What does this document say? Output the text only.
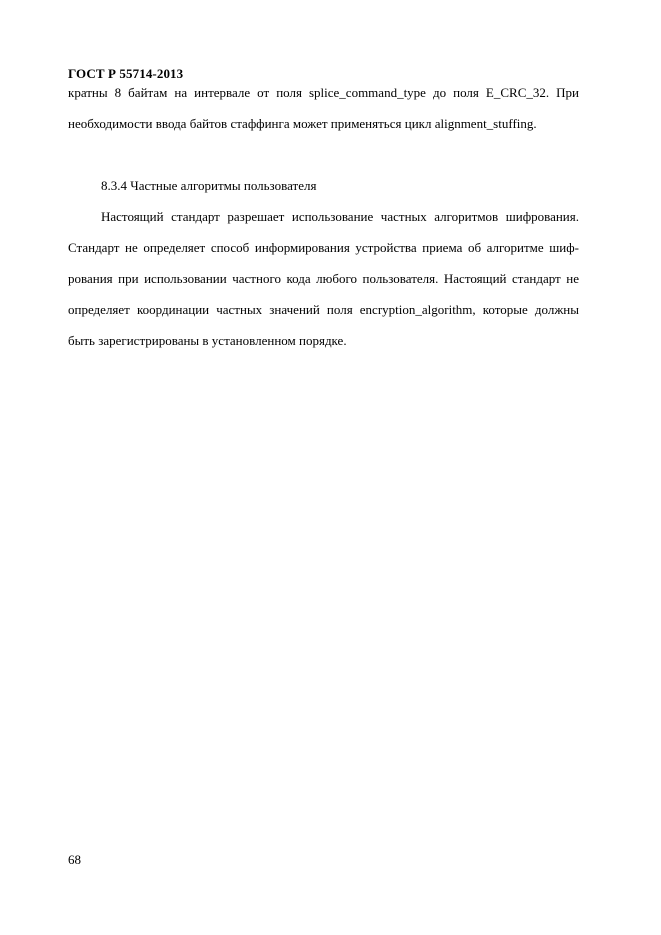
ГОСТ Р 55714-2013
кратны 8 байтам на интервале от поля splice_command_type до поля E_CRC_32. При
необходимости ввода байтов стаффинга может применяться цикл alignment_stuffing.
8.3.4 Частные алгоритмы пользователя
Настоящий стандарт разрешает использование частных алгоритмов шифрования.
Стандарт не определяет способ информирования устройства приема об алгоритме шиф-
рования при использовании частного кода любого пользователя. Настоящий стандарт не
определяет координации частных значений поля encryption_algorithm, которые должны
быть зарегистрированы в установленном порядке.
68
